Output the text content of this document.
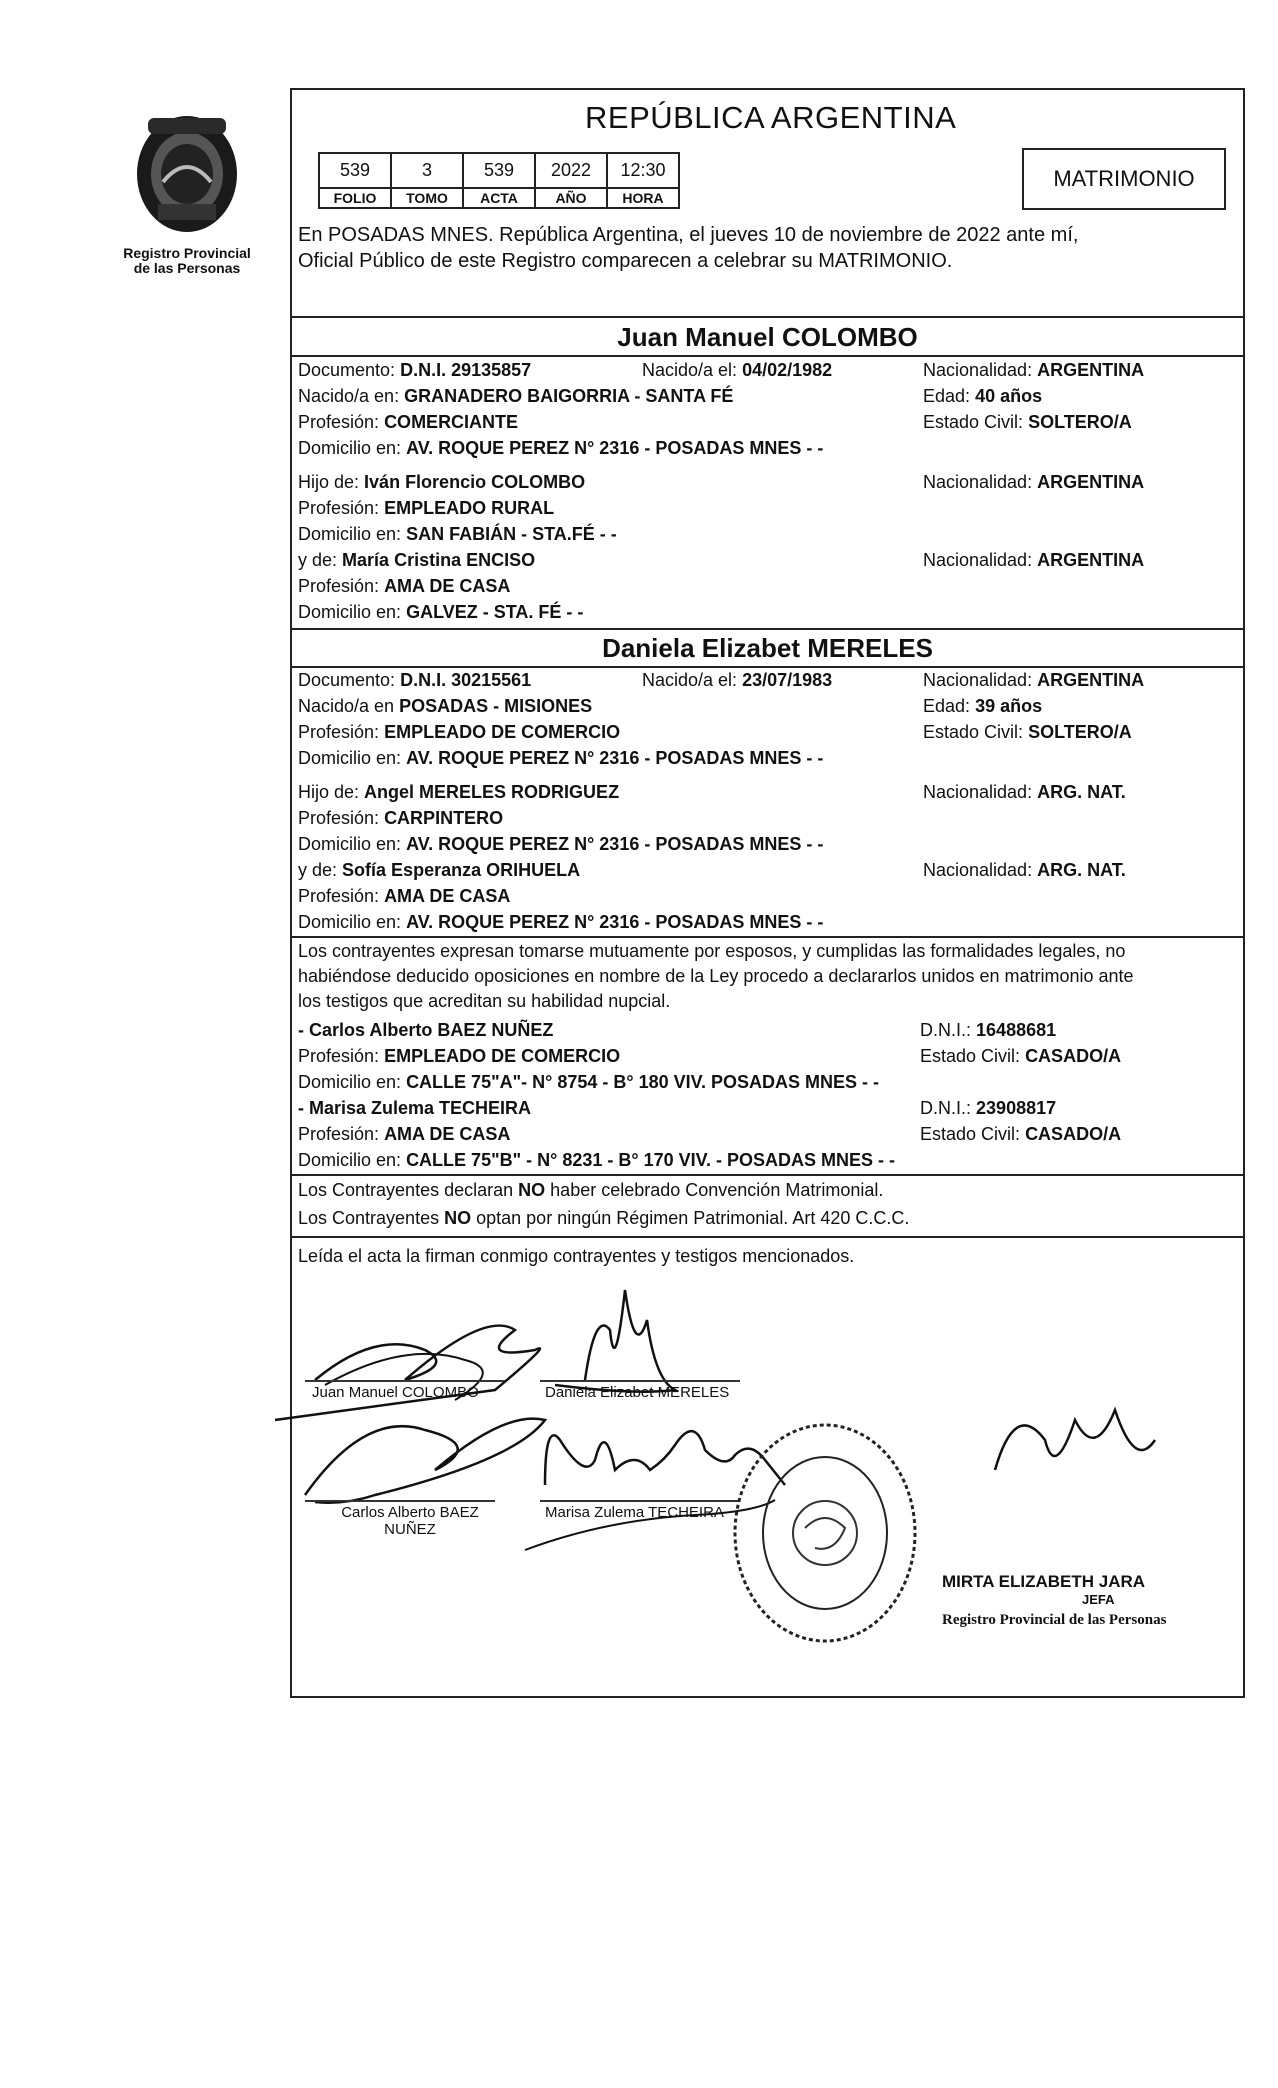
Registro Provincial
de las Personas
REPÚBLICA ARGENTINA
539	3	539	2022	12:30
FOLIO	TOMO	ACTA	AÑO	HORA
MATRIMONIO
En POSADAS MNES. República Argentina, el jueves 10 de noviembre de 2022 ante mí,
Oficial Público de este Registro comparecen a celebrar su MATRIMONIO.
Juan Manuel COLOMBO
Documento: D.N.I. 29135857	Nacido/a el: 04/02/1982	Nacionalidad: ARGENTINA
Nacido/a en: GRANADERO BAIGORRIA - SANTA FÉ	Edad: 40 años
Profesión: COMERCIANTE	Estado Civil: SOLTERO/A
Domicilio en: AV. ROQUE PEREZ N° 2316 - POSADAS MNES - -
Hijo de: Iván Florencio COLOMBO	Nacionalidad: ARGENTINA
Profesión: EMPLEADO RURAL
Domicilio en: SAN FABIÁN - STA.FÉ - -
y de: María Cristina ENCISO	Nacionalidad: ARGENTINA
Profesión: AMA DE CASA
Domicilio en: GALVEZ - STA. FÉ - -
Daniela Elizabet MERELES
Documento: D.N.I. 30215561	Nacido/a el: 23/07/1983	Nacionalidad: ARGENTINA
Nacido/a en POSADAS - MISIONES	Edad: 39 años
Profesión: EMPLEADO DE COMERCIO	Estado Civil: SOLTERO/A
Domicilio en: AV. ROQUE PEREZ N° 2316 - POSADAS MNES - -
Hijo de: Angel MERELES RODRIGUEZ	Nacionalidad: ARG. NAT.
Profesión: CARPINTERO
Domicilio en: AV. ROQUE PEREZ N° 2316 - POSADAS MNES - -
y de: Sofía Esperanza ORIHUELA	Nacionalidad: ARG. NAT.
Profesión: AMA DE CASA
Domicilio en: AV. ROQUE PEREZ N° 2316 - POSADAS MNES - -
Los contrayentes expresan tomarse mutuamente por esposos, y cumplidas las formalidades legales, no
habiéndose deducido oposiciones en nombre de la Ley procedo a declararlos unidos en matrimonio ante
los testigos que acreditan su habilidad nupcial.
- Carlos Alberto BAEZ NUÑEZ	D.N.I.: 16488681
Profesión: EMPLEADO DE COMERCIO	Estado Civil: CASADO/A
Domicilio en: CALLE 75"A"- N° 8754 - B° 180 VIV. POSADAS MNES - -
- Marisa Zulema TECHEIRA	D.N.I.: 23908817
Profesión: AMA DE CASA	Estado Civil: CASADO/A
Domicilio en: CALLE 75"B" - N° 8231 - B° 170 VIV. - POSADAS MNES - -
Los Contrayentes declaran NO haber celebrado Convención Matrimonial.
Los Contrayentes NO optan por ningún Régimen Patrimonial. Art 420 C.C.C.
Leída el acta la firman conmigo contrayentes y testigos mencionados.
Juan Manuel COLOMBO	Daniela Elizabet MERELES
Carlos Alberto BAEZ
NUÑEZ
Marisa Zulema TECHEIRA
MIRTA ELIZABETH JARA
JEFA
Registro Provincial de las Personas
